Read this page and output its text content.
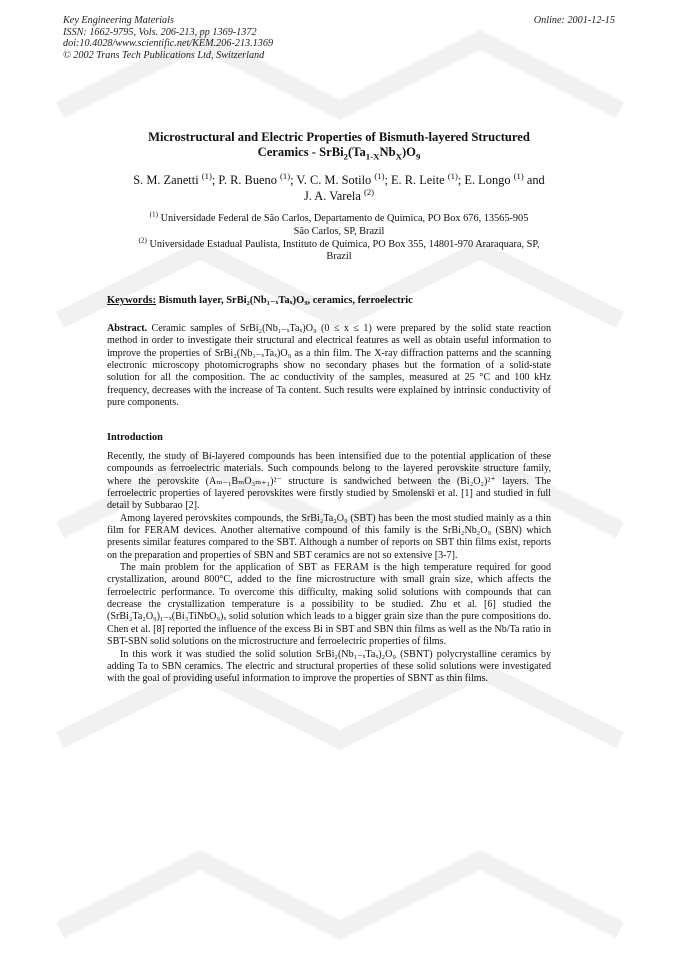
Key Engineering Materials
ISSN: 1662-9795, Vols. 206-213, pp 1369-1372
doi:10.4028/www.scientific.net/KEM.206-213.1369
© 2002 Trans Tech Publications Ltd, Switzerland
Online: 2001-12-15
Microstructural and Electric Properties of Bismuth-layered Structured
Ceramics - $SrBi_2(Ta_{1-X}Nb_X)O_9$
S. M. Zanetti $^{(1)}$; P. R. Bueno $^{(1)}$; V. C. M. Sotilo $^{(1)}$; E. R. Leite $^{(1)}$; E. Longo $^{(1)}$ and
J. A. Varela $^{(2)}$
$^{(1)}$ Universidade Federal de São Carlos, Departamento de Química, PO Box 676, 13565-905
São Carlos, SP, Brazil
$^{(2)}$ Universidade Estadual Paulista, Instituto de Química, PO Box 355, 14801-970 Araraquara, SP,
Brazil
Keywords: Bismuth layer, SrBi₂(Nb₁₋ₓTaₓ)O₉, ceramics, ferroelectric
Abstract. Ceramic samples of SrBi₂(Nb₁₋ₓTaₓ)O₉ (0 ≤ x ≤ 1) were prepared by the solid state reaction method in order to investigate their structural and electrical features as well as obtain useful information to improve the properties of SrBi₂(Nb₁₋ₓTaₓ)O₉ as a thin film. The X-ray diffraction patterns and the scanning electronic microscopy photomicrographs show no secondary phases but the formation of a solid-state solution for all the composition. The ac conductivity of the samples, measured at 25 °C and 100 kHz frequency, decreases with the increase of Ta content. Such results were explained by intrinsic conductivity of pure components.
Introduction

Recently, the study of Bi-layered compounds has been intensified due to the potential application of these compounds as ferroelectric materials. Such compounds belong to the layered perovskite structure family, where the perovskite (Aₘ₋₁BₘO₃ₘ₊₁)²⁻ structure is sandwiched between the (Bi₂O₂)²⁺ layers. The ferroelectric properties of layered perovskites were firstly studied by Smolenski et al. [1] and studied in full detail by Subbarao [2].

Among layered perovskites compounds, the SrBi₂Ta₂O₉ (SBT) has been the most studied mainly as a thin film for FERAM devices. Another alternative compound of this family is the SrBi₂Nb₂O₉ (SBN) which presents similar features compared to the SBT. Although a number of reports on SBT thin films exist, reports on the preparation and properties of SBN and SBT ceramics are not so extensive [3-7].

The main problem for the application of SBT as FERAM is the high temperature required for good crystallization, around 800°C, added to the fine microstructure with small grain size, which affects the ferroelectric performance. To overcome this difficulty, making solid solutions with compounds that can decrease the crystallization temperature is a possibility to be studied. Zhu et al. [6] studied the (SrBi₂Ta₂O₉)₁₋ₓ(Bi₃TiNbO₉)ₓ solid solution which leads to a bigger grain size than the pure compositions do. Chen et al. [8] reported the influence of the excess Bi in SBT and SBN thin films as well as the Nb/Ta ratio in SBT-SBN solid solutions on the microstructure and ferroelectric properties of films.

In this work it was studied the solid solution SrBi₂(Nb₁₋ₓTaₓ)₂O₉ (SBNT) polycrystalline ceramics by adding Ta to SBN ceramics. The electric and structural properties of these solid solutions were investigated with the goal of providing useful information to improve the properties of SBNT as thin films.
